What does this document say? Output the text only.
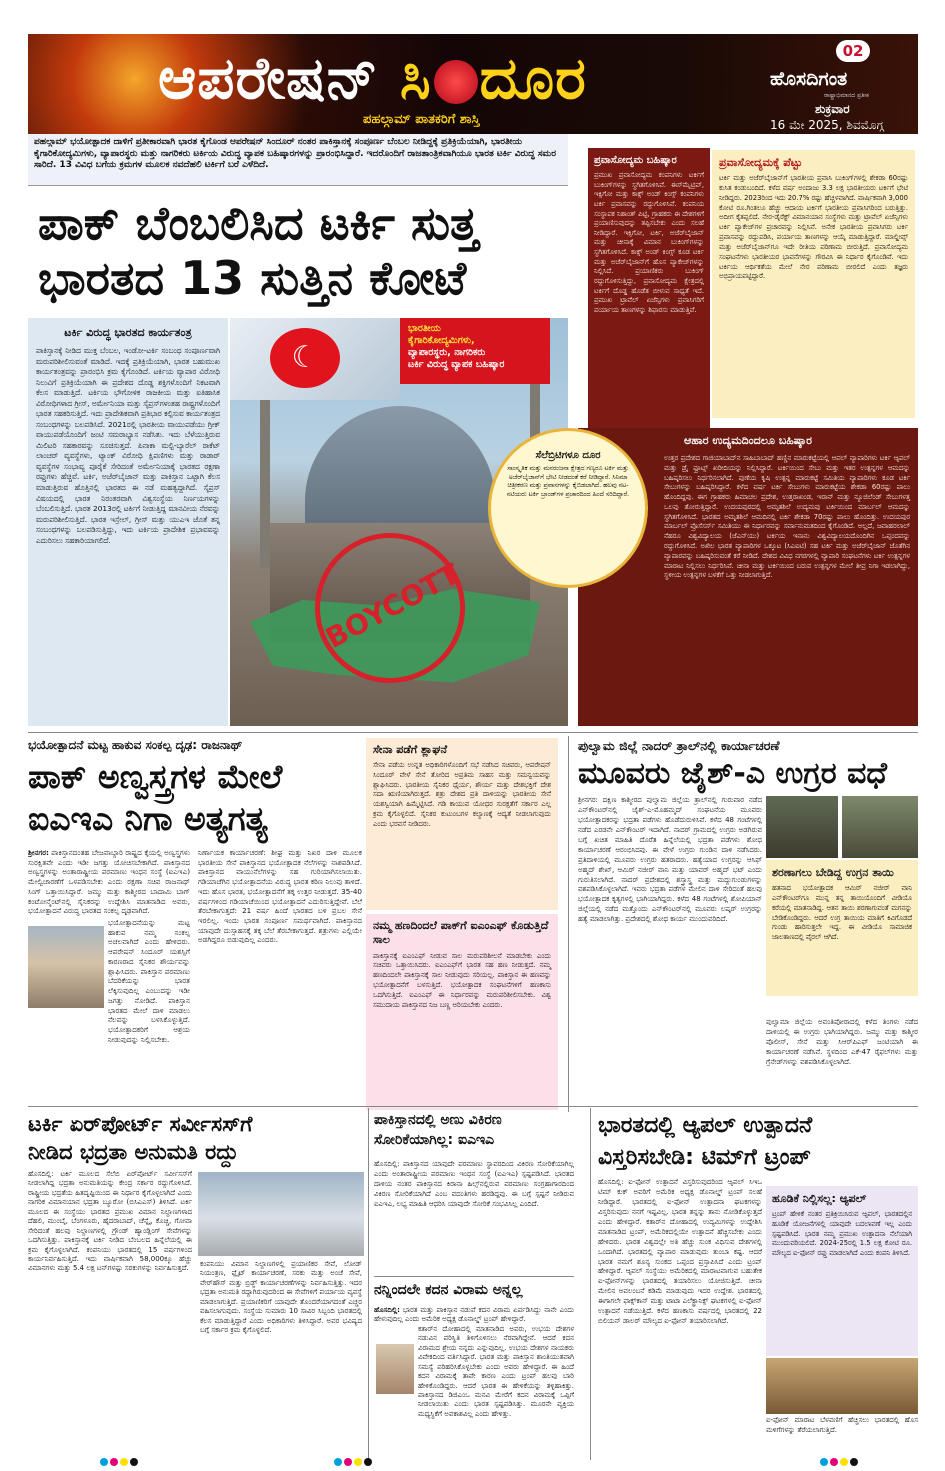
ಆಪರೇಷನ್ ಸಿ ದೂರ
ಪಹಲ್ಗಾಮ್ ಪಾತಕರಿಗೆ ಶಾಸ್ತಿ
02
ಹೊಸದಿಗಂತ
ರಾಷ್ಟ್ರಾಭಿಮಾನದ ಪ್ರತೀಕ
ಶುಕ್ರವಾರ
16 ಮೇ 2025, ಶಿವಮೊಗ್ಗ

ಪಹಲ್ಗಾಮ್ ಭಯೋತ್ಪಾದಕ ದಾಳಿಗೆ ಪ್ರತೀಕಾರವಾಗಿ ಭಾರತ ಕೈಗೊಂಡ ಆಪರೇಷನ್ ಸಿಂದೂರ್ ನಂತರ ಪಾಕಿಸ್ತಾನಕ್ಕೆ ಸಂಪೂರ್ಣ ಬೆಂಬಲ ನೀಡಿದ್ದಕ್ಕೆ ಪ್ರತಿಕ್ರಿಯೆಯಾಗಿ, ಭಾರತೀಯ ಕೈಗಾರಿಕೋದ್ಯಮಿಗಳು, ವ್ಯಾಪಾರಸ್ಥರು ಮತ್ತು ನಾಗರಿಕರು ಟರ್ಕಿಯ ವಿರುದ್ಧ ವ್ಯಾಪಕ ಬಹಿಷ್ಕಾರಗಳನ್ನು ಪ್ರಾರಂಭಿಸಿದ್ದಾರೆ. ಇದರೊಂದಿಗೆ ರಾಜತಾಂತ್ರಿಕವಾಗಿಯೂ ಭಾರತ ಟರ್ಕಿ ವಿರುದ್ಧ ಸಮರ ಸಾರಿದೆ. 13 ವಿವಿಧ ಬಗೆಯ ಕ್ರಮಗಳ ಮೂಲಕ ನವದೆಹಲಿ ಟರ್ಕಿಗೆ ಬರೆ ಎಳೆದಿದೆ.

ಪಾಕ್ ಬೆಂಬಲಿಸಿದ ಟರ್ಕಿ ಸುತ್ತ
ಭಾರತದ 13 ಸುತ್ತಿನ ಕೋಟೆ
ಟರ್ಕಿ ವಿರುದ್ಧ ಭಾರತದ ಕಾರ್ಯತಂತ್ರ

ಪಾಕಿಸ್ತಾನಕ್ಕೆ ನೀಡಿದ ಮುಕ್ತ ಬೆಂಬಲ, ಇಂಡೋ-ಟರ್ಕಿ ಸಂಬಂಧ ಸಂಪೂರ್ಣವಾಗಿ ಮರುಪರಿಶೀಲಿಸುವಂತೆ ಮಾಡಿದೆ. ಇದಕ್ಕೆ ಪ್ರತಿಕ್ರಿಯೆಯಾಗಿ, ಭಾರತ ಬಹುಮುಖ ಕಾರ್ಯತಂತ್ರವನ್ನು ಪ್ರಾರಂಭಿಸಿ ಕ್ರಮ ಕೈಗೊಂಡಿದೆ. ಟರ್ಕಿಯ ವ್ಯಾಪಾರ ವಿರೋಧಿ ನಿಲುವಿಗೆ ಪ್ರತಿಕ್ರಿಯೆಯಾಗಿ ಈ ಪ್ರದೇಶದ ದೊಡ್ಡ ಶಕ್ತಿಗಳೊಂದಿಗೆ ನಿಕಟವಾಗಿ ಕೆಲಸ ಮಾಡುತ್ತಿದೆ. ಟರ್ಕಿಯ ಭೌಗೋಳಿಕ ರಾಜಕೀಯ ಮತ್ತು ಐತಿಹಾಸಿಕ ವಿರೋಧಿಗಳಾದ ಗ್ರೀಸ್, ಅರ್ಮೇನಿಯಾ ಮತ್ತು ಸೈಪ್ರಸ್‌ಗಳಂತಹ ರಾಷ್ಟ್ರಗಳೊಂದಿಗೆ ಭಾರತ ಸಹಕರಿಸುತ್ತಿದೆ. ಇದು ಪ್ರಾದೇಶಿಕವಾಗಿ ಪ್ರತಿಭಾರ ಕಲ್ಪಿಸುವ ಕಾರ್ಯತಂತ್ರದ ಸಂಬಂಧಗಳನ್ನು ಬಲಪಡಿಸಿದೆ. 2021ರಲ್ಲಿ ಭಾರತೀಯ ವಾಯುಪಡೆಯು ಗ್ರೀಕ್ ವಾಯುಪಡೆಯೊಂದಿಗೆ ಜಂಟಿ ಸಮರಾಭ್ಯಾಸ ನಡೆಸಿತು. ಇದು ಬೆಳೆಯುತ್ತಿರುವ ಮಿಲಿಟರಿ ಸಹಕಾರವನ್ನು ಸೂಚಿಸುತ್ತದೆ. ಪಿನಾಕಾ ಮಲ್ಟಿ-ಬ್ಯಾರೆಲ್ ರಾಕೆಟ್ ಲಾಂಚರ್ ವ್ಯವಸ್ಥೆಗಳು, ಟ್ಯಾಂಕ್ ವಿರೋಧಿ ಕ್ಷಿಪಣಿಗಳು ಮತ್ತು ರಾಡಾರ್ ವ್ಯವಸ್ಥೆಗಳ ಸಂಭಾವ್ಯ ಪೂರೈಕೆ ಸೇರಿದಂತೆ ಅರ್ಮೇನಿಯಾಕ್ಕೆ ಭಾರತದ ರಕ್ಷಣಾ ರಫ್ತುಗಳು ಹೆಚ್ಚಿವೆ. ಟರ್ಕಿ, ಅಜೆರ್‌ಬೈಜಾನ್ ಮತ್ತು ಪಾಕಿಸ್ತಾನ ಒಟ್ಟಾಗಿ ಕೆಲಸ ಮಾಡುತ್ತಿರುವ ಹೊತ್ತಿನಲ್ಲಿ ಭಾರತದ ಈ ನಡೆ ಮಹತ್ವದ್ದಾಗಿದೆ. ಸೈಪ್ರಸ್ ವಿಷಯದಲ್ಲಿ ಭಾರತ ನಿರಂತರವಾಗಿ ವಿಶ್ವಸಂಸ್ಥೆಯ ನಿರ್ಣಯಗಳನ್ನು ಬೆಂಬಲಿಸುತ್ತಿದೆ. ಭಾರತ 2013ರಲ್ಲಿ ಟರ್ಕಿಗೆ ನೀಡುತ್ತಿದ್ದ ಮಾನವೀಯ ನೆರವನ್ನು ಮರುಪರಿಶೀಲಿಸುತ್ತಿದೆ. ಭಾರತ ಇಸ್ರೇಲ್, ಗ್ರೀಸ್ ಮತ್ತು ಯುಎಇ ಜೊತೆ ತನ್ನ ಸಂಬಂಧಗಳನ್ನು ಬಲಪಡಿಸುತ್ತಿದ್ದು, ಇದು ಟರ್ಕಿಯ ಪ್ರಾದೇಶಿಕ ಪ್ರಭಾವವನ್ನು ಎದುರಿಸಲು ಸಹಕಾರಿಯಾಗಲಿದೆ.

BOYCOTT
☾
ಭಾರತೀಯ
ಕೈಗಾರಿಕೋದ್ಯಮಿಗಳು,
ವ್ಯಾಪಾರಸ್ಥರು, ನಾಗರಿಕರು
ಟರ್ಕಿ ವಿರುದ್ಧ ವ್ಯಾಪಕ ಬಹಿಷ್ಕಾರ
ಪ್ರವಾಸೋದ್ಯಮ ಬಹಿಷ್ಕಾರ

ಪ್ರಮುಖ ಪ್ರವಾಸೋದ್ಯಮ ಕಂಪನಿಗಳು ಟರ್ಕಿಗೆ ಬುಕಿಂಗ್‌ಗಳನ್ನು ಸ್ಥಗಿತಗೊಳಿಸಿವೆ. ಈಸ್‌ಮೈಟ್ರಿಪ್, ಇಕ್ಸಿಗೋ ಮತ್ತು ಕಾಕ್ಸ್ ಅಂಡ್ ಕಿಂಗ್ಸ್ ಕಂಪನಿಗಳು ಟರ್ಕಿ ಪ್ರವಾಸವನ್ನು ರದ್ದುಗೊಳಿಸಿವೆ. ಕಂಪನಿಯ ಸಂಸ್ಥಾಪಕ ನಿಶಾಂತ್ ಪಿಟ್ಟಿ, ಗ್ರಾಹಕರು ಈ ದೇಶಗಳಿಗೆ ಪ್ರಯಾಣಿಸುವುದನ್ನು ತಪ್ಪಿಸಬೇಕು ಎಂದು ಸಲಹೆ ನೀಡಿದ್ದಾರೆ. ಇಕ್ಸಿಗೋ, ಟರ್ಕಿ, ಅಜೆರ್‌ಬೈಜಾನ್ ಮತ್ತು ಚೀನಾಕ್ಕೆ ವಿಮಾನ ಬುಕಿಂಗ್‌ಗಳನ್ನು ಸ್ಥಗಿತಗೊಳಿಸಿದೆ. ಕಾಕ್ಸ್ ಅಂಡ್ ಕಿಂಗ್ಸ್ ಕೂಡ ಟರ್ಕಿ ಮತ್ತು ಅಜೆರ್‌ಬೈಜಾನ್‌ಗೆ ಹೊಸ ಪ್ಯಾಕೇಜ್‌ಗಳನ್ನು ನಿಲ್ಲಿಸಿದೆ. ಪ್ರಯಾಣಿಕರು ಬುಕಿಂಗ್ ರದ್ದುಗೊಳಿಸುತ್ತಿದ್ದು, ಪ್ರವಾಸೋದ್ಯಮ ಕ್ಷೇತ್ರದಲ್ಲಿ ಟರ್ಕಿಗೆ ದೊಡ್ಡ ಹೊಡೆತ ಬೀಳುವ ಸಾಧ್ಯತೆ ಇದೆ. ಪ್ರಮುಖ ಟ್ರಾವೆಲ್ ಏಜೆನ್ಸಿಗಳು ಪ್ರವಾಸಿಗರಿಗೆ ಪರ್ಯಾಯ ತಾಣಗಳನ್ನು ಶಿಫಾರಸು ಮಾಡುತ್ತಿವೆ.

ಪ್ರವಾಸೋದ್ಯಮಕ್ಕೆ ಪೆಟ್ಟು

ಟರ್ಕಿ ಮತ್ತು ಅಜೆರ್‌ಬೈಜಾನ್‌ಗೆ ಭಾರತೀಯ ಪ್ರವಾಸಿ ಬುಕಿಂಗ್‌ಗಳಲ್ಲಿ ಶೇಕಡಾ 60ರಷ್ಟು ಕುಸಿತ ಕಂಡುಬಂದಿದೆ. ಕಳೆದ ವರ್ಷ ಅಂದಾಜು 3.3 ಲಕ್ಷ ಭಾರತೀಯರು ಟರ್ಕಿಗೆ ಭೇಟಿ ನೀಡಿದ್ದರು. 2023ರಿಂದ ಇದು 20.7% ರಷ್ಟು ಹೆಚ್ಚಳವಾಗಿದೆ. ವಾರ್ಷಿಕವಾಗಿ 3,000 ಕೋಟಿ ರೂ.ಗಿಂತಲೂ ಹೆಚ್ಚು ಆದಾಯ ಟರ್ಕಿಗೆ ಭಾರತೀಯ ಪ್ರವಾಸಿಗರಿಂದ ಬರುತ್ತಿತ್ತು. ಅದೀಗ ಕೈತಪ್ಪಲಿದೆ. ನೇರ-ಡೈರೆಕ್ಟ್ ವಿಮಾನಯಾನ ಸಂಸ್ಥೆಗಳು ಮತ್ತು ಟ್ರಾವೆಲ್ ಏಜೆನ್ಸಿಗಳು ಟರ್ಕಿ ಪ್ಯಾಕೇಜ್‌ಗಳ ಪ್ರಚಾರವನ್ನು ನಿಲ್ಲಿಸಿವೆ. ಅನೇಕ ಭಾರತೀಯ ಪ್ರವಾಸಿಗರು ಟರ್ಕಿ ಪ್ರವಾಸವನ್ನು ರದ್ದುಪಡಿಸಿ, ಪರ್ಯಾಯ ತಾಣಗಳನ್ನು ಆಯ್ಕೆ ಮಾಡುತ್ತಿದ್ದಾರೆ. ಮಾಲ್ಡೀವ್ಸ್ ಮತ್ತು ಅಜೆರ್‌ಬೈಜಾನ್‌ಗೂ ಇದೇ ರೀತಿಯ ಪರಿಣಾಮ ಬೀರುತ್ತಿದೆ. ಪ್ರವಾಸೋದ್ಯಮ ಸಂಘಟನೆಗಳು ಭಾರತೀಯರ ಭಾವನೆಗಳನ್ನು ಗೌರವಿಸಿ ಈ ನಿರ್ಧಾರ ಕೈಗೊಂಡಿವೆ. ಇದು ಟರ್ಕಿಯ ಆರ್ಥಿಕತೆಯ ಮೇಲೆ ನೇರ ಪರಿಣಾಮ ಬೀರಲಿದೆ ಎಂದು ತಜ್ಞರು ಅಭಿಪ್ರಾಯಪಟ್ಟಿದ್ದಾರೆ.

ಆಹಾರ ಉದ್ಯಮದಿಂದಲೂ ಬಹಿಷ್ಕಾರ

ಉತ್ತರ ಪ್ರದೇಶದ ಗಾಜಿಯಾಬಾದ್‌ನ ಸಾಹಿಬಾಬಾದ್ ಹಣ್ಣಿನ ಮಾರುಕಟ್ಟೆಯಲ್ಲಿ ಆಪಲ್ ವ್ಯಾಪಾರಿಗಳು ಟರ್ಕಿ ಆ್ಯಪಲ್ ಮತ್ತು ಡ್ರೈ ಫ್ರೂಟ್ಸ್ ಖರೀದಿಯನ್ನು ನಿಲ್ಲಿಸಿದ್ದಾರೆ. ಟರ್ಕಿಯಿಂದ ಸೇಬು ಮತ್ತು ಇತರ ಉತ್ಪನ್ನಗಳ ಆಮದನ್ನು ಬಹಿಷ್ಕರಿಸಲು ನಿರ್ಧರಿಸಲಾಗಿದೆ. ಪುಣೆಯ ಕೃಷಿ ಉತ್ಪನ್ನ ಮಾರುಕಟ್ಟೆ ಸಮಿತಿಯ ವ್ಯಾಪಾರಿಗಳು ಕೂಡ ಟರ್ಕಿ ಸೇಬುಗಳನ್ನು ಬಹಿಷ್ಕರಿಸಿದ್ದಾರೆ. ಕಳೆದ ವರ್ಷ ಟರ್ಕಿ ಸೇಬುಗಳು ಮಾರುಕಟ್ಟೆಯ ಶೇಕಡಾ 60ರಷ್ಟು ಪಾಲು ಹೊಂದಿದ್ದವು. ಈಗ ಗ್ರಾಹಕರು ಹಿಮಾಚಲ ಪ್ರದೇಶ, ಉತ್ತರಾಖಂಡ, ಇರಾನ್ ಮತ್ತು ನ್ಯೂಜಿಲೆಂಡ್ ಸೇಬುಗಳತ್ತ ಒಲವು ತೋರುತ್ತಿದ್ದಾರೆ. ಉದಯಪುರದಲ್ಲಿ ಅಮೃತಶಿಲೆ ಉದ್ಯಮವು ಟರ್ಕಿಯಿಂದ ಮಾರ್ಬಲ್ ಆಮದನ್ನು ಸ್ಥಗಿತಗೊಳಿಸಿದೆ. ಭಾರತದ ಅಮೃತಶಿಲೆ ಆಮದಿನಲ್ಲಿ ಟರ್ಕಿ ಶೇಕಡಾ 70ರಷ್ಟು ಪಾಲು ಹೊಂದಿತ್ತು. ಉದಯಪುರ ಮಾರ್ಬಲ್ ಪ್ರೊಸೆಸರ್ಸ್ ಸಮಿತಿಯು ಈ ನಿರ್ಧಾರವನ್ನು ಸರ್ವಾನುಮತದಿಂದ ಕೈಗೊಂಡಿದೆ. ಅಲ್ಲದೆ, ಜವಾಹರಲಾಲ್ ನೆಹರೂ ವಿಶ್ವವಿದ್ಯಾಲಯ (ಜೆಎನ್‌ಯು) ಟರ್ಕಿಯ ಇನಾನು ವಿಶ್ವವಿದ್ಯಾಲಯದೊಂದಿಗಿನ ಒಪ್ಪಂದವನ್ನು ರದ್ದುಗೊಳಿಸಿದೆ. ಅಖಿಲ ಭಾರತ ವ್ಯಾಪಾರಿಗಳ ಒಕ್ಕೂಟ (ಸಿಎಐಟಿ) ಸಹ ಟರ್ಕಿ ಮತ್ತು ಅಜೆರ್‌ಬೈಜಾನ್ ಜೊತೆಗಿನ ವ್ಯಾಪಾರವನ್ನು ಬಹಿಷ್ಕರಿಸುವಂತೆ ಕರೆ ನೀಡಿದೆ. ದೇಶದ ವಿವಿಧ ನಗರಗಳಲ್ಲಿ ವ್ಯಾಪಾರಿ ಸಂಘಟನೆಗಳು ಟರ್ಕಿ ಉತ್ಪನ್ನಗಳ ಮಾರಾಟ ನಿಲ್ಲಿಸಲು ನಿರ್ಧರಿಸಿವೆ. ಚೀನಾ ಮತ್ತು ಟರ್ಕಿಯಿಂದ ಬರುವ ಉತ್ಪನ್ನಗಳ ಮೇಲೆ ತೀವ್ರ ನಿಗಾ ಇಡಲಾಗಿದ್ದು, ಸ್ಥಳೀಯ ಉತ್ಪನ್ನಗಳ ಬಳಕೆಗೆ ಒತ್ತು ನೀಡಲಾಗುತ್ತಿದೆ.

ಸೆಲೆಬ್ರಿಟಿಗಳೂ ದೂರ

ಸಾಂಸ್ಕೃತಿಕ ಮತ್ತು ಮನರಂಜನಾ ಕ್ಷೇತ್ರದ ಗಣ್ಯರೂ ಟರ್ಕಿ ಮತ್ತು ಅಜೆರ್‌ಬೈಜಾನ್‌ಗೆ ಭೇಟಿ ನೀಡದಂತೆ ಕರೆ ನೀಡಿದ್ದಾರೆ. ಸಿನಿಮಾ ಚಿತ್ರೀಕರಣ ಮತ್ತು ಪ್ರವಾಸಗಳನ್ನು ಕೈಬಿಡಲಾಗಿದೆ. ಹಲವು ನಟ-ನಟಿಯರು ಟರ್ಕಿ ಬ್ರಾಂಡ್‌ಗಳ ಪ್ರಚಾರದಿಂದ ಹಿಂದೆ ಸರಿದಿದ್ದಾರೆ.

ಭಯೋತ್ಪಾದನೆ ಮಟ್ಟ ಹಾಕುವ ಸಂಕಲ್ಪ ದೃಢ: ರಾಜನಾಥ್
ಪಾಕ್ ಅಣ್ವಸ್ತ್ರಗಳ ಮೇಲೆ
ಐಎಇಎ ನಿಗಾ ಅತ್ಯಗತ್ಯ

ಶ್ರೀನಗರ: ಪಾಕಿಸ್ತಾನದಂತಹ ಬೇಜವಾಬ್ದಾರಿ ರಾಷ್ಟ್ರದ ಕೈಯಲ್ಲಿ ಅಣ್ವಸ್ತ್ರಗಳು ಸುರಕ್ಷಿತವೇ ಎಂದು ಇಡೀ ಜಗತ್ತು ಯೋಚಿಸಬೇಕಾಗಿದೆ. ಪಾಕಿಸ್ತಾನದ ಅಣ್ವಸ್ತ್ರಗಳನ್ನು ಅಂತಾರಾಷ್ಟ್ರೀಯ ಪರಮಾಣು ಇಂಧನ ಸಂಸ್ಥೆ (ಐಎಇಎ) ಮೇಲ್ವಿಚಾರಣೆಗೆ ಒಳಪಡಿಸಬೇಕು ಎಂದು ರಕ್ಷಣಾ ಸಚಿವ ರಾಜನಾಥ್ ಸಿಂಗ್ ಒತ್ತಾಯಿಸಿದ್ದಾರೆ. ಜಮ್ಮು ಮತ್ತು ಕಾಶ್ಮೀರದ ಬಾದಾಮಿ ಬಾಗ್ ಕಂಟೋನ್ಮೆಂಟ್‌ನಲ್ಲಿ ಸೈನಿಕರನ್ನು ಉದ್ದೇಶಿಸಿ ಮಾತನಾಡಿದ ಅವರು, ಭಯೋತ್ಪಾದನೆ ವಿರುದ್ಧ ಭಾರತದ ಸಂಕಲ್ಪ ದೃಢವಾಗಿದೆ.

ಭಯೋತ್ಪಾದನೆಯನ್ನು ಮಟ್ಟ ಹಾಕುವ ನಮ್ಮ ಸಂಕಲ್ಪ ಅಚಲವಾಗಿದೆ ಎಂದು ಹೇಳಿದರು. ಆಪರೇಷನ್ ಸಿಂದೂರ್ ಯಶಸ್ಸಿಗೆ ಕಾರಣರಾದ ಸೈನಿಕರ ಶೌರ್ಯವನ್ನು ಶ್ಲಾಘಿಸಿದರು. ಪಾಕಿಸ್ತಾನ ಪರಮಾಣು ಬೆದರಿಕೆಯನ್ನು ಭಾರತ ಲೆಕ್ಕಿಸುವುದಿಲ್ಲ ಎಂಬುದನ್ನು ಇಡೀ ಜಗತ್ತು ನೋಡಿದೆ. ಪಾಕಿಸ್ತಾನ ಭಾರತದ ಮೇಲೆ ದಾಳಿ ಮಾಡಲು ನೆಲವನ್ನು ಬಳಸಿಕೊಳ್ಳುತ್ತಿದೆ. ಭಯೋತ್ಪಾದಕರಿಗೆ ಆಶ್ರಯ ನೀಡುವುದನ್ನು ನಿಲ್ಲಿಸಬೇಕು.

ನಿರ್ಣಾಯಕ ಕಾರ್ಯಾಚರಣೆ: ಶೀಘ್ರ ಮತ್ತು ನಿಖರ ದಾಳಿ ಮೂಲಕ ಭಾರತೀಯ ಸೇನೆ ಪಾಕಿಸ್ತಾನದ ಭಯೋತ್ಪಾದಕ ನೆಲೆಗಳನ್ನು ನಾಶಪಡಿಸಿದೆ. ಪಾಕಿಸ್ತಾನದ ವಾಯುನೆಲೆಗಳನ್ನು ಸಹ ಗುರಿಯಾಗಿಸಲಾಯಿತು. ಗಡಿಯಾಚೆಗಿನ ಭಯೋತ್ಪಾದನೆಯ ವಿರುದ್ಧ ಭಾರತ ಕಠಿಣ ನಿಲುವು ತಾಳಿದೆ. ಇದು ಹೊಸ ಭಾರತ, ಭಯೋತ್ಪಾದನೆಗೆ ತಕ್ಕ ಉತ್ತರ ನೀಡುತ್ತದೆ. 35-40 ವರ್ಷಗಳಿಂದ ಗಡಿಯಾಚೆಯಿಂದ ಭಯೋತ್ಪಾದನೆ ಎದುರಿಸುತ್ತಿದ್ದೇವೆ. ಬೆಲೆ ತೆರಬೇಕಾಗುತ್ತದೆ: 21 ವರ್ಷ ಹಿಂದೆ ಭಾರತದ ಬಳಿ ಪ್ರಬಲ ಸೇನೆ ಇರಲಿಲ್ಲ. ಇಂದು ಭಾರತ ಸಂಪೂರ್ಣ ಸಮರ್ಥವಾಗಿದೆ. ಪಾಕಿಸ್ತಾನದ ಯಾವುದೇ ದುಸ್ಸಾಹಸಕ್ಕೆ ತಕ್ಕ ಬೆಲೆ ತೆರಬೇಕಾಗುತ್ತದೆ. ಶತ್ರುಗಳು ಎಲ್ಲಿಯೇ ಅಡಗಿದ್ದರೂ ಬಿಡುವುದಿಲ್ಲ ಎಂದರು.

ಸೇನಾ ಪಡೆಗೆ ಶ್ಲಾಘನೆ

ಸೇನಾ ಪಡೆಯ ಉನ್ನತ ಅಧಿಕಾರಿಗಳೊಂದಿಗೆ ಸಭೆ ನಡೆಸಿದ ಸಚಿವರು, ಆಪರೇಷನ್ ಸಿಂದೂರ್ ವೇಳೆ ಸೇನೆ ತೋರಿದ ಅಪ್ರತಿಮ ಸಾಹಸ ಮತ್ತು ಸಮನ್ವಯವನ್ನು ಶ್ಲಾಘಿಸಿದರು. ಭಾರತೀಯ ಸೈನಿಕರ ಧೈರ್ಯ, ಶೌರ್ಯ ಮತ್ತು ದೇಶಭಕ್ತಿಗೆ ದೇಶ ಸದಾ ಋಣಿಯಾಗಿರುತ್ತದೆ. ಶತ್ರು ದೇಶದ ಪ್ರತಿ ದಾಳಿಯನ್ನು ಭಾರತೀಯ ಸೇನೆ ಯಶಸ್ವಿಯಾಗಿ ಹಿಮ್ಮೆಟ್ಟಿಸಿದೆ. ಗಡಿ ಕಾಯುವ ಯೋಧರ ಸುರಕ್ಷತೆಗೆ ಸರ್ಕಾರ ಎಲ್ಲ ಕ್ರಮ ಕೈಗೊಳ್ಳಲಿದೆ. ಸೈನಿಕರ ಕುಟುಂಬಗಳ ಕಲ್ಯಾಣಕ್ಕೆ ಆದ್ಯತೆ ನೀಡಲಾಗುವುದು ಎಂದು ಭರವಸೆ ನೀಡಿದರು.

ನಮ್ಮ ಹಣದಿಂದಲೆ ಪಾಕ್‌ಗೆ ಐಎಂಎಫ್ ಕೊಡುತ್ತಿದೆ ಸಾಲ

ಪಾಕಿಸ್ತಾನಕ್ಕೆ ಐಎಂಎಫ್ ನೀಡುವ ಸಾಲ ಮರುಪರಿಶೀಲನೆ ಮಾಡಬೇಕು ಎಂದು ಸಚಿವರು ಒತ್ತಾಯಿಸಿದರು. ಐಎಂಎಫ್‌ಗೆ ಭಾರತ ಸಹ ಹಣ ನೀಡುತ್ತದೆ. ನಮ್ಮ ಹಣದಿಂದಲೇ ಪಾಕಿಸ್ತಾನಕ್ಕೆ ಸಾಲ ನೀಡುವುದು ಸರಿಯಲ್ಲ. ಪಾಕಿಸ್ತಾನ ಈ ಹಣವನ್ನು ಭಯೋತ್ಪಾದನೆಗೆ ಬಳಸುತ್ತಿದೆ. ಭಯೋತ್ಪಾದಕ ಸಂಘಟನೆಗಳಿಗೆ ಹಣಕಾಸು ಒದಗಿಸುತ್ತಿದೆ. ಐಎಂಎಫ್ ಈ ನಿರ್ಧಾರವನ್ನು ಮರುಪರಿಶೀಲಿಸಬೇಕು. ವಿಶ್ವ ಸಮುದಾಯ ಪಾಕಿಸ್ತಾನದ ನಿಜ ಬಣ್ಣ ಅರಿಯಬೇಕು ಎಂದರು.

ಪುಲ್ವಾಮ ಜಿಲ್ಲೆ ನಾದರ್ ತ್ರಾಲ್‌ನಲ್ಲಿ ಕಾರ್ಯಾಚರಣೆ
ಮೂವರು ಜೈಶ್-ಎ ಉಗ್ರರ ವಧೆ

ಶ್ರೀನಗರ: ದಕ್ಷಿಣ ಕಾಶ್ಮೀರದ ಪುಲ್ವಾಮ ಜಿಲ್ಲೆಯ ತ್ರಾಲ್‌ನಲ್ಲಿ ಗುರುವಾರ ನಡೆದ ಎನ್‌ಕೌಂಟರ್‌ನಲ್ಲಿ ಜೈಶ್-ಎ-ಮೊಹಮ್ಮದ್ ಸಂಘಟನೆಯ ಮೂವರು ಭಯೋತ್ಪಾದಕರನ್ನು ಭದ್ರತಾ ಪಡೆಗಳು ಹೊಡೆದುರುಳಿಸಿವೆ. ಕಳೆದ 48 ಗಂಟೆಗಳಲ್ಲಿ ನಡೆದ ಎರಡನೇ ಎನ್‌ಕೌಂಟರ್ ಇದಾಗಿದೆ. ನಾದರ್ ಗ್ರಾಮದಲ್ಲಿ ಉಗ್ರರು ಅಡಗಿರುವ ಬಗ್ಗೆ ಖಚಿತ ಮಾಹಿತಿ ದೊರೆತ ಹಿನ್ನೆಲೆಯಲ್ಲಿ ಭದ್ರತಾ ಪಡೆಗಳು ಶೋಧ ಕಾರ್ಯಾಚರಣೆ ಆರಂಭಿಸಿದವು. ಈ ವೇಳೆ ಉಗ್ರರು ಗುಂಡಿನ ದಾಳಿ ನಡೆಸಿದರು. ಪ್ರತಿದಾಳಿಯಲ್ಲಿ ಮೂವರು ಉಗ್ರರು ಹತರಾದರು. ಹತ್ಯೆಯಾದ ಉಗ್ರರನ್ನು ಆಸಿಫ್ ಅಹ್ಮದ್ ಶೇಖ್, ಆಮಿರ್ ನಜೀರ್ ವಾನಿ ಮತ್ತು ಯಾವರ್ ಅಹ್ಮದ್ ಭಟ್ ಎಂದು ಗುರುತಿಸಲಾಗಿದೆ. ನಾದರ್ ಪ್ರದೇಶದಲ್ಲಿ ಶಸ್ತ್ರಾಸ್ತ್ರ ಮತ್ತು ಮದ್ದುಗುಂಡುಗಳನ್ನು ವಶಪಡಿಸಿಕೊಳ್ಳಲಾಗಿದೆ. ಇವರು ಭದ್ರತಾ ಪಡೆಗಳ ಮೇಲಿನ ದಾಳಿ ಸೇರಿದಂತೆ ಹಲವು ಭಯೋತ್ಪಾದಕ ಕೃತ್ಯಗಳಲ್ಲಿ ಭಾಗಿಯಾಗಿದ್ದರು. ಕಳೆದ 48 ಗಂಟೆಗಳಲ್ಲಿ ಶೋಪಿಯಾನ್ ಜಿಲ್ಲೆಯಲ್ಲಿ ನಡೆದ ಮತ್ತೊಂದು ಎನ್‌ಕೌಂಟರ್‌ನಲ್ಲಿ ಮೂವರು ಲಷ್ಕರ್ ಉಗ್ರರನ್ನು ಹತ್ಯೆ ಮಾಡಲಾಗಿತ್ತು. ಪ್ರದೇಶದಲ್ಲಿ ಶೋಧ ಕಾರ್ಯ ಮುಂದುವರಿದಿದೆ.

ಶರಣಾಗಲು ಬೇಡಿದ್ದ ಉಗ್ರನ ತಾಯಿ

ಹತನಾದ ಭಯೋತ್ಪಾದಕ ಆಮಿರ್ ನಜೀರ್ ವಾನಿ ಎನ್‌ಕೌಂಟರ್‌ಗೂ ಮುನ್ನ ತನ್ನ ತಾಯಿಯೊಂದಿಗೆ ವೀಡಿಯೊ ಕರೆಯಲ್ಲಿ ಮಾತನಾಡಿದ್ದ. ಆತನ ತಾಯಿ ಶರಣಾಗುವಂತೆ ಮಗನನ್ನು ಬೇಡಿಕೊಂಡಿದ್ದರು. ಆದರೆ ಉಗ್ರ ತಾಯಿಯ ಮಾತಿಗೆ ಕಿವಿಗೊಡದೆ ಗುಂಡು ಹಾರಿಸುತ್ತಲೇ ಇದ್ದ. ಈ ವೀಡಿಯೊ ಸಾಮಾಜಿಕ ಜಾಲತಾಣದಲ್ಲಿ ವೈರಲ್ ಆಗಿದೆ.

ಪುಲ್ವಾಮಾ ಜಿಲ್ಲೆಯ ಅವಂತಿಪೋರಾದಲ್ಲಿ ಕಳೆದ ತಿಂಗಳು ನಡೆದ ದಾಳಿಯಲ್ಲಿ ಈ ಉಗ್ರರು ಭಾಗಿಯಾಗಿದ್ದರು. ಜಮ್ಮು ಮತ್ತು ಕಾಶ್ಮೀರ ಪೊಲೀಸ್, ಸೇನೆ ಮತ್ತು ಸಿಆರ್‌ಪಿಎಫ್ ಜಂಟಿಯಾಗಿ ಈ ಕಾರ್ಯಾಚರಣೆ ನಡೆಸಿವೆ. ಸ್ಥಳದಿಂದ ಎಕೆ-47 ರೈಫಲ್‌ಗಳು ಮತ್ತು ಗ್ರೆನೇಡ್‌ಗಳನ್ನು ವಶಪಡಿಸಿಕೊಳ್ಳಲಾಗಿದೆ.

ಟರ್ಕಿ ಏರ್‌ಪೋರ್ಟ್ ಸರ್ವೀಸಸ್‌ಗೆ
ನೀಡಿದ ಭದ್ರತಾ ಅನುಮತಿ ರದ್ದು

ಹೊಸದಿಲ್ಲಿ: ಟರ್ಕಿ ಮೂಲದ ಸೆಲೆಬಿ ಏರ್‌ಪೋರ್ಟ್ ಸರ್ವೀಸಸ್‌ಗೆ ನೀಡಲಾಗಿದ್ದ ಭದ್ರತಾ ಅನುಮತಿಯನ್ನು ಕೇಂದ್ರ ಸರ್ಕಾರ ರದ್ದುಗೊಳಿಸಿದೆ. ರಾಷ್ಟ್ರೀಯ ಭದ್ರತೆಯ ಹಿತದೃಷ್ಟಿಯಿಂದ ಈ ನಿರ್ಧಾರ ಕೈಗೊಳ್ಳಲಾಗಿದೆ ಎಂದು ನಾಗರಿಕ ವಿಮಾನಯಾನ ಭದ್ರತಾ ಬ್ಯೂರೋ (ಬಿಸಿಎಎಸ್) ತಿಳಿಸಿದೆ. ಟರ್ಕಿ ಮೂಲದ ಈ ಸಂಸ್ಥೆಯು ಭಾರತದ ಪ್ರಮುಖ ವಿಮಾನ ನಿಲ್ದಾಣಗಳಾದ ದೆಹಲಿ, ಮುಂಬೈ, ಬೆಂಗಳೂರು, ಹೈದರಾಬಾದ್, ಚೆನ್ನೈ, ಕೊಚ್ಚಿ, ಗೋವಾ ಸೇರಿದಂತೆ ಹಲವು ನಿಲ್ದಾಣಗಳಲ್ಲಿ ಗ್ರೌಂಡ್ ಹ್ಯಾಂಡ್ಲಿಂಗ್ ಸೇವೆಗಳನ್ನು ಒದಗಿಸುತ್ತಿತ್ತು. ಪಾಕಿಸ್ತಾನಕ್ಕೆ ಟರ್ಕಿ ನೀಡಿದ ಬೆಂಬಲದ ಹಿನ್ನೆಲೆಯಲ್ಲಿ ಈ ಕ್ರಮ ಕೈಗೊಳ್ಳಲಾಗಿದೆ. ಕಂಪನಿಯು ಭಾರತದಲ್ಲಿ 15 ವರ್ಷಗಳಿಂದ ಕಾರ್ಯನಿರ್ವಹಿಸುತ್ತಿದೆ. ಇದು ವಾರ್ಷಿಕವಾಗಿ 58,000ಕ್ಕೂ ಹೆಚ್ಚು ವಿಮಾನಗಳು ಮತ್ತು 5.4 ಲಕ್ಷ ಟನ್‌ಗಳಷ್ಟು ಸರಕುಗಳನ್ನು ನಿರ್ವಹಿಸುತ್ತದೆ.

ಕಂಪನಿಯು ವಿಮಾನ ನಿಲ್ದಾಣಗಳಲ್ಲಿ ಪ್ರಯಾಣಿಕರ ಸೇವೆ, ಲೋಡ್ ನಿಯಂತ್ರಣ, ಫ್ಲೈಟ್ ಕಾರ್ಯಾಚರಣೆ, ಸರಕು ಮತ್ತು ಅಂಚೆ ಸೇವೆ, ವೇರ್‌ಹೌಸ್ ಮತ್ತು ಬ್ರಿಡ್ಜ್ ಕಾರ್ಯಾಚರಣೆಗಳನ್ನು ನಿರ್ವಹಿಸುತ್ತಿತ್ತು. ಇದರ ಭದ್ರತಾ ಅನುಮತಿ ರದ್ದಾಗಿರುವುದರಿಂದ ಈ ಸೇವೆಗಳಿಗೆ ಪರ್ಯಾಯ ವ್ಯವಸ್ಥೆ ಮಾಡಲಾಗುತ್ತಿದೆ. ಪ್ರಯಾಣಿಕರಿಗೆ ಯಾವುದೇ ತೊಂದರೆಯಾಗದಂತೆ ಎಚ್ಚರ ವಹಿಸಲಾಗುವುದು. ಸಂಸ್ಥೆಯ ಸುಮಾರು 10 ಸಾವಿರ ಸಿಬ್ಬಂದಿ ಭಾರತದಲ್ಲಿ ಕೆಲಸ ಮಾಡುತ್ತಿದ್ದಾರೆ ಎಂದು ಅಧಿಕಾರಿಗಳು ತಿಳಿಸಿದ್ದಾರೆ. ಅವರ ಭವಿಷ್ಯದ ಬಗ್ಗೆ ಸರ್ಕಾರ ಕ್ರಮ ಕೈಗೊಳ್ಳಲಿದೆ.

ಪಾಕಿಸ್ತಾನದಲ್ಲಿ ಅಣು ವಿಕಿರಣ ಸೋರಿಕೆಯಾಗಿಲ್ಲ: ಐಎಇಎ

ಹೊಸದಿಲ್ಲಿ: ಪಾಕಿಸ್ತಾನದ ಯಾವುದೇ ಪರಮಾಣು ಸ್ಥಾವರದಿಂದ ವಿಕಿರಣ ಸೋರಿಕೆಯಾಗಿಲ್ಲ ಎಂದು ಅಂತಾರಾಷ್ಟ್ರೀಯ ಪರಮಾಣು ಇಂಧನ ಸಂಸ್ಥೆ (ಐಎಇಎ) ಸ್ಪಷ್ಟಪಡಿಸಿದೆ. ಭಾರತದ ದಾಳಿಯ ನಂತರ ಪಾಕಿಸ್ತಾನದ ಕಿರಾನಾ ಹಿಲ್ಸ್‌ನಲ್ಲಿರುವ ಪರಮಾಣು ಸಂಗ್ರಹಾಗಾರದಿಂದ ವಿಕಿರಣ ಸೋರಿಕೆಯಾಗಿದೆ ಎಂಬ ವದಂತಿಗಳು ಹರಡಿದ್ದವು. ಈ ಬಗ್ಗೆ ಸ್ಪಷ್ಟನೆ ನೀಡಿರುವ ಐಎಇಎ, ಲಭ್ಯ ಮಾಹಿತಿ ಆಧರಿಸಿ ಯಾವುದೇ ಸೋರಿಕೆ ಸಂಭವಿಸಿಲ್ಲ ಎಂದಿದೆ.

ನನ್ನಿಂದಲೇ ಕದನ ವಿರಾಮ ಅನ್ನಲ್ಲ

ಹೊಸದಿಲ್ಲಿ: ಭಾರತ ಮತ್ತು ಪಾಕಿಸ್ತಾನ ನಡುವೆ ಕದನ ವಿರಾಮ ಏರ್ಪಡಿಸಿದ್ದು ನಾನೇ ಎಂದು ಹೇಳುವುದಿಲ್ಲ ಎಂದು ಅಮೆರಿಕ ಅಧ್ಯಕ್ಷ ಡೊನಾಲ್ಡ್ ಟ್ರಂಪ್ ಹೇಳಿದ್ದಾರೆ.

ಕತಾರ್‌ನ ದೋಹಾದಲ್ಲಿ ಮಾತನಾಡಿದ ಅವರು, ಉಭಯ ದೇಶಗಳ ನಡುವಿನ ಪರಿಸ್ಥಿತಿ ತಿಳಿಗೊಳಿಸಲು ನೆರವಾಗಿದ್ದೇನೆ. ಆದರೆ ಕದನ ವಿರಾಮದ ಶ್ರೇಯ ನನ್ನದು ಎನ್ನುವುದಿಲ್ಲ. ಉಭಯ ದೇಶಗಳ ನಾಯಕರು ವಿವೇಕದಿಂದ ವರ್ತಿಸಿದ್ದಾರೆ. ಭಾರತ ಮತ್ತು ಪಾಕಿಸ್ತಾನ ಶಾಂತಿಯುತವಾಗಿ ಸಮಸ್ಯೆ ಪರಿಹರಿಸಿಕೊಳ್ಳಬೇಕು ಎಂದು ಅವರು ಹೇಳಿದ್ದಾರೆ. ಈ ಹಿಂದೆ ಕದನ ವಿರಾಮಕ್ಕೆ ತಾವೇ ಕಾರಣ ಎಂದು ಟ್ರಂಪ್ ಹಲವು ಬಾರಿ ಹೇಳಿಕೊಂಡಿದ್ದರು. ಆದರೆ ಭಾರತ ಈ ಹೇಳಿಕೆಯನ್ನು ತಳ್ಳಿಹಾಕಿತ್ತು. ಪಾಕಿಸ್ತಾನದ ಡಿಜಿಎಂಒ ಮನವಿ ಮೇರೆಗೆ ಕದನ ವಿರಾಮಕ್ಕೆ ಒಪ್ಪಿಗೆ ನೀಡಲಾಯಿತು ಎಂದು ಭಾರತ ಸ್ಪಷ್ಟಪಡಿಸಿತ್ತು. ಮೂರನೇ ವ್ಯಕ್ತಿಯ ಮಧ್ಯಸ್ಥಿಕೆಗೆ ಅವಕಾಶವಿಲ್ಲ ಎಂದು ಹೇಳಿತ್ತು.

ಭಾರತದಲ್ಲಿ ಆ್ಯಪಲ್ ಉತ್ಪಾದನೆ
ವಿಸ್ತರಿಸಬೇಡಿ: ಟಿಮ್‌ಗೆ ಟ್ರಂಪ್

ಹೊಸದಿಲ್ಲಿ: ಐ-ಫೋನ್ ಉತ್ಪಾದನೆ ವಿಸ್ತರಿಸುವುದರಿಂದ ಆ್ಯಪಲ್ ಸಿಇಒ ಟಿಮ್ ಕುಕ್ ಅವರಿಗೆ ಅಮೆರಿಕ ಅಧ್ಯಕ್ಷ ಡೊನಾಲ್ಡ್ ಟ್ರಂಪ್ ಸಲಹೆ ನೀಡಿದ್ದಾರೆ. ಭಾರತದಲ್ಲಿ ಐ-ಫೋನ್ ಉತ್ಪಾದನಾ ಘಟಕಗಳನ್ನು ವಿಸ್ತರಿಸುವುದು ನನಗೆ ಇಷ್ಟವಿಲ್ಲ. ಭಾರತ ತನ್ನನ್ನು ತಾನು ನೋಡಿಕೊಳ್ಳುತ್ತದೆ ಎಂದು ಹೇಳಿದ್ದಾರೆ. ಕತಾರ್‌ನ ದೋಹಾದಲ್ಲಿ ಉದ್ಯಮಿಗಳನ್ನು ಉದ್ದೇಶಿಸಿ ಮಾತನಾಡಿದ ಟ್ರಂಪ್, ಅಮೆರಿಕದಲ್ಲಿಯೇ ಉತ್ಪಾದನೆ ಹೆಚ್ಚಿಸಬೇಕು ಎಂದು ಹೇಳಿದರು. ಭಾರತ ವಿಶ್ವದಲ್ಲೇ ಅತಿ ಹೆಚ್ಚು ಸುಂಕ ವಿಧಿಸುವ ದೇಶಗಳಲ್ಲಿ ಒಂದಾಗಿದೆ. ಭಾರತದಲ್ಲಿ ವ್ಯಾಪಾರ ಮಾಡುವುದು ತುಂಬಾ ಕಷ್ಟ. ಆದರೆ ಭಾರತ ನಮಗೆ ಶೂನ್ಯ ಸುಂಕದ ಒಪ್ಪಂದ ಪ್ರಸ್ತಾಪಿಸಿದೆ ಎಂದು ಟ್ರಂಪ್ ಹೇಳಿದ್ದಾರೆ. ಆ್ಯಪಲ್ ಸಂಸ್ಥೆಯು ಅಮೆರಿಕದಲ್ಲಿ ಮಾರಾಟವಾಗುವ ಬಹುತೇಕ ಐ-ಫೋನ್‌ಗಳನ್ನು ಭಾರತದಲ್ಲಿ ತಯಾರಿಸಲು ಯೋಜಿಸುತ್ತಿದೆ. ಚೀನಾ ಮೇಲಿನ ಅವಲಂಬನೆ ಕಡಿಮೆ ಮಾಡುವುದು ಇದರ ಉದ್ದೇಶ. ಭಾರತದಲ್ಲಿ ಈಗಾಗಲೇ ಫಾಕ್ಸ್‌ಕಾನ್ ಮತ್ತು ಟಾಟಾ ಎಲೆಕ್ಟ್ರಾನಿಕ್ಸ್ ಘಟಕಗಳಲ್ಲಿ ಐ-ಫೋನ್ ಉತ್ಪಾದನೆ ನಡೆಯುತ್ತಿದೆ. ಕಳೆದ ಹಣಕಾಸು ವರ್ಷದಲ್ಲಿ ಭಾರತದಲ್ಲಿ 22 ಬಿಲಿಯನ್ ಡಾಲರ್ ಮೌಲ್ಯದ ಐ-ಫೋನ್ ತಯಾರಿಸಲಾಗಿದೆ.

ಹೂಡಿಕೆ ನಿಲ್ಲಿಸಲ್ಲ: ಆ್ಯಪಲ್

ಟ್ರಂಪ್ ಹೇಳಿಕೆ ನಂತರ ಪ್ರತಿಕ್ರಿಯಿಸಿರುವ ಆ್ಯಪಲ್, ಭಾರತದಲ್ಲಿನ ಹೂಡಿಕೆ ಯೋಜನೆಗಳಲ್ಲಿ ಯಾವುದೇ ಬದಲಾವಣೆ ಇಲ್ಲ ಎಂದು ಸ್ಪಷ್ಟಪಡಿಸಿದೆ. ಭಾರತ ನಮ್ಮ ಪ್ರಮುಖ ಉತ್ಪಾದನಾ ನೆಲೆಯಾಗಿ ಮುಂದುವರಿಯಲಿದೆ. 2024-25ರಲ್ಲಿ 1.5 ಲಕ್ಷ ಕೋಟಿ ರೂ. ಮೌಲ್ಯದ ಐ-ಫೋನ್ ರಫ್ತು ಮಾಡಲಾಗಿದೆ ಎಂದು ಕಂಪನಿ ತಿಳಿಸಿದೆ.

ಐ-ಫೋನ್ ಮಾರಾಟ ಬೆಳವಣಿಗೆ ಹೆಚ್ಚಿಸಲು ಭಾರತದಲ್ಲಿ ಹೊಸ ಮಳಿಗೆಗಳನ್ನು ತೆರೆಯಲಾಗುತ್ತಿದೆ.
